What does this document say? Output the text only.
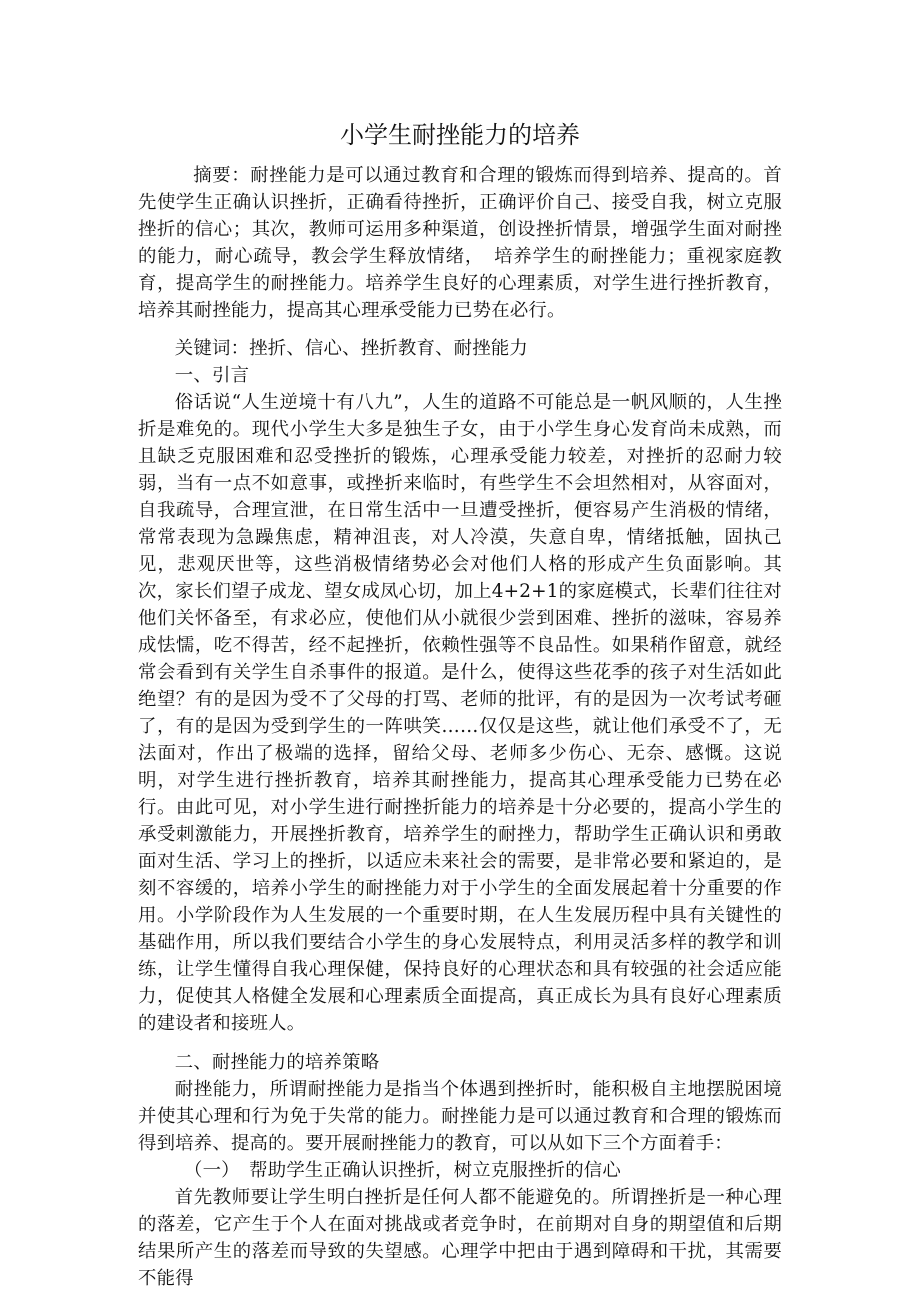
小学生耐挫能力的培养

摘要：耐挫能力是可以通过教育和合理的锻炼而得到培养、提高的。首先使学生正确认识挫折，正确看待挫折，正确评价自己、接受自我，树立克服挫折的信心；其次，教师可运用多种渠道，创设挫折情景，增强学生面对耐挫的能力，耐心疏导，教会学生释放情绪，　培养学生的耐挫能力；重视家庭教育，提高学生的耐挫能力。培养学生良好的心理素质，对学生进行挫折教育，培养其耐挫能力，提高其心理承受能力已势在必行。

关键词：挫折、信心、挫折教育、耐挫能力

一、引言

俗话说“人生逆境十有八九”，人生的道路不可能总是一帆风顺的，人生挫折是难免的。现代小学生大多是独生子女，由于小学生身心发育尚未成熟，而且缺乏克服困难和忍受挫折的锻炼，心理承受能力较差，对挫折的忍耐力较弱，当有一点不如意事，或挫折来临时，有些学生不会坦然相对，从容面对，自我疏导，合理宣泄，在日常生活中一旦遭受挫折，便容易产生消极的情绪，常常表现为急躁焦虑，精神沮丧，对人冷漠，失意自卑，情绪抵触，固执己见，悲观厌世等，这些消极情绪势必会对他们人格的形成产生负面影响。其次，家长们望子成龙、望女成凤心切，加上4+2+1的家庭模式，长辈们往往对他们关怀备至，有求必应，使他们从小就很少尝到困难、挫折的滋味，容易养成怯懦，吃不得苦，经不起挫折，依赖性强等不良品性。如果稍作留意，就经常会看到有关学生自杀事件的报道。是什么，使得这些花季的孩子对生活如此绝望？有的是因为受不了父母的打骂、老师的批评，有的是因为一次考试考砸了，有的是因为受到学生的一阵哄笑……仅仅是这些，就让他们承受不了，无法面对，作出了极端的选择，留给父母、老师多少伤心、无奈、感慨。这说明，对学生进行挫折教育，培养其耐挫能力，提高其心理承受能力已势在必行。由此可见，对小学生进行耐挫折能力的培养是十分必要的，提高小学生的承受刺激能力，开展挫折教育，培养学生的耐挫力，帮助学生正确认识和勇敢面对生活、学习上的挫折，以适应未来社会的需要，是非常必要和紧迫的，是刻不容缓的，培养小学生的耐挫能力对于小学生的全面发展起着十分重要的作用。小学阶段作为人生发展的一个重要时期，在人生发展历程中具有关键性的基础作用，所以我们要结合小学生的身心发展特点，利用灵活多样的教学和训练，让学生懂得自我心理保健，保持良好的心理状态和具有较强的社会适应能力，促使其人格健全发展和心理素质全面提高，真正成长为具有良好心理素质的建设者和接班人。

二、耐挫能力的培养策略

耐挫能力，所谓耐挫能力是指当个体遇到挫折时，能积极自主地摆脱困境并使其心理和行为免于失常的能力。耐挫能力是可以通过教育和合理的锻炼而得到培养、提高的。要开展耐挫能力的教育，可以从如下三个方面着手：

（一）　帮助学生正确认识挫折，树立克服挫折的信心

首先教师要让学生明白挫折是任何人都不能避免的。所谓挫折是一种心理的落差，它产生于个人在面对挑战或者竞争时，在前期对自身的期望值和后期结果所产生的落差而导致的失望感。心理学中把由于遇到障碍和干扰，其需要不能得
